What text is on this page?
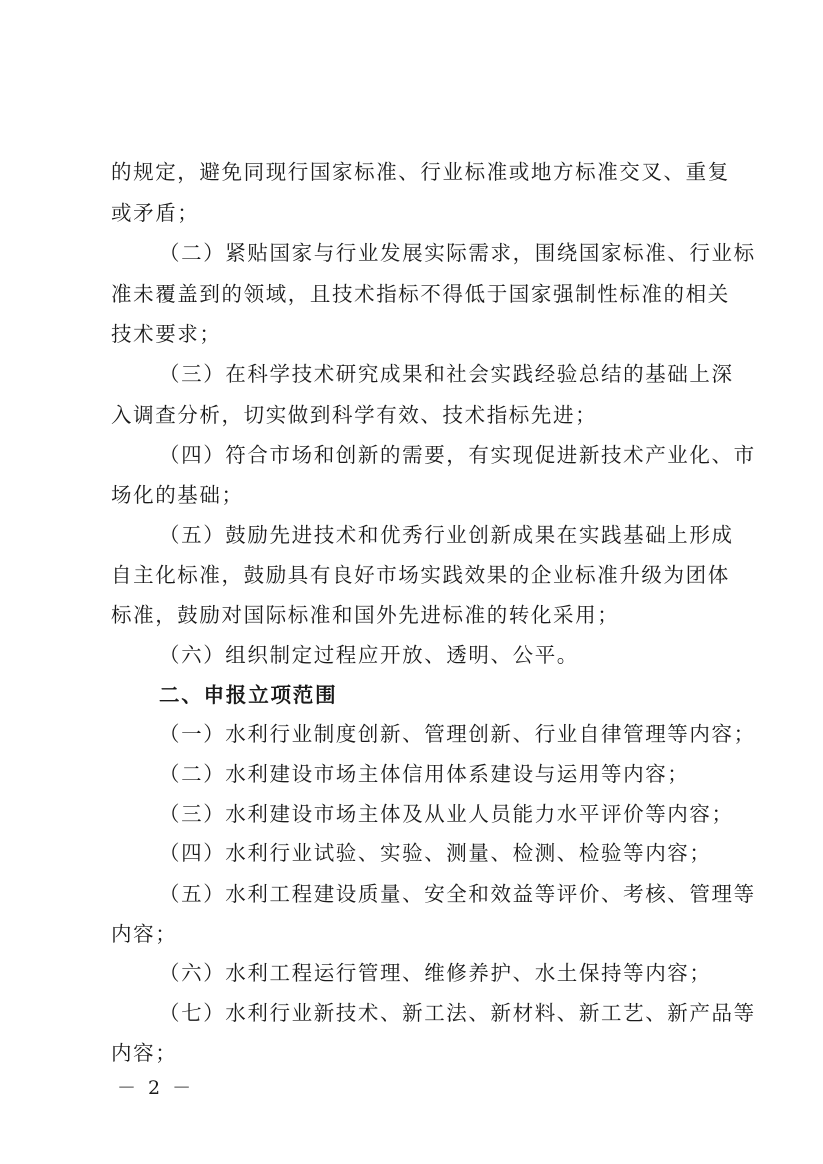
的规定，避免同现行国家标准、行业标准或地方标准交叉、重复
或矛盾；
（二）紧贴国家与行业发展实际需求，围绕国家标准、行业标
准未覆盖到的领域，且技术指标不得低于国家强制性标准的相关
技术要求；
（三）在科学技术研究成果和社会实践经验总结的基础上深
入调查分析，切实做到科学有效、技术指标先进；
（四）符合市场和创新的需要，有实现促进新技术产业化、市
场化的基础；
（五）鼓励先进技术和优秀行业创新成果在实践基础上形成
自主化标准，鼓励具有良好市场实践效果的企业标准升级为团体
标准，鼓励对国际标准和国外先进标准的转化采用；
（六）组织制定过程应开放、透明、公平。
二、申报立项范围
（一）水利行业制度创新、管理创新、行业自律管理等内容；
（二）水利建设市场主体信用体系建设与运用等内容；
（三）水利建设市场主体及从业人员能力水平评价等内容；
（四）水利行业试验、实验、测量、检测、检验等内容；
（五）水利工程建设质量、安全和效益等评价、考核、管理等
内容；
（六）水利工程运行管理、维修养护、水土保持等内容；
（七）水利行业新技术、新工法、新材料、新工艺、新产品等
内容；
－ 2 －
